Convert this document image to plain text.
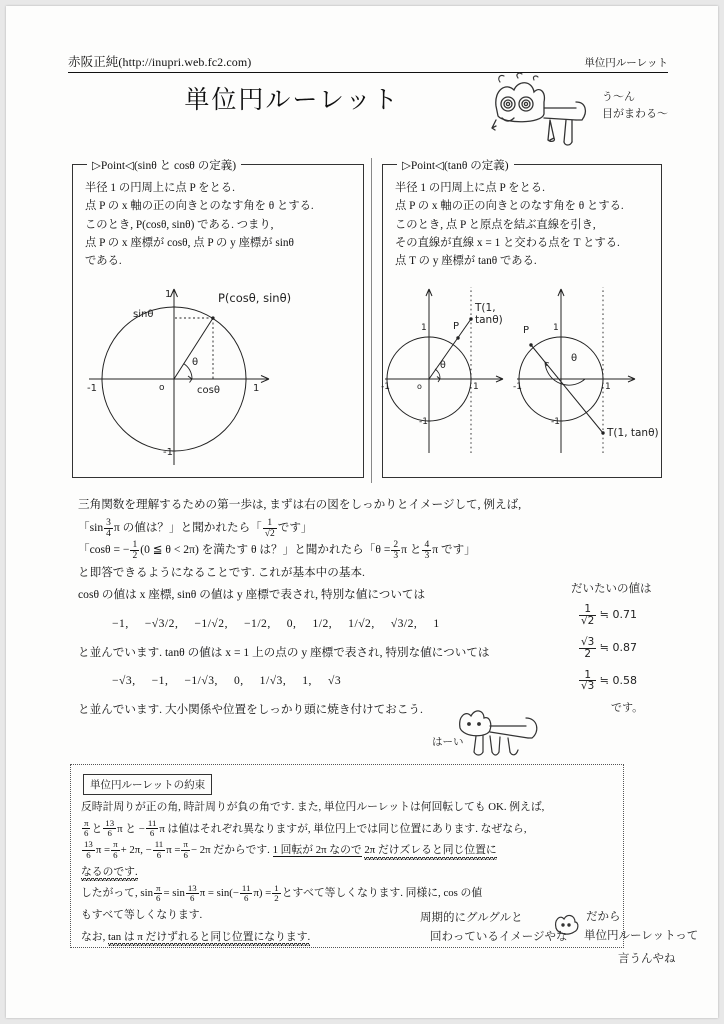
赤阪正純(http://inupri.web.fc2.com)	単位円ルーレット
単位円ルーレット	う～ん
目がまわる～
▷Point◁(sinθ と cosθ の定義)
半径 1 の円周上に点 P をとる.
点 P の x 軸の正の向きとのなす角を θ とする.
このとき, P(cosθ, sinθ) である. つまり,
点 P の x 座標が cosθ, 点 P の y 座標が sinθ
である.
1
-1
-1	1
sinθ
cosθ
P(cosθ, sinθ)
θ
o
▷Point◁(tanθ の定義)
半径 1 の円周上に点 P をとる.
点 P の x 軸の正の向きとのなす角を θ とする.
このとき, 点 P と原点を結ぶ直線を引き,
その直線が直線 x = 1 と交わる点を T とする.
点 T の y 座標が tanθ である.
1
-1
-1	1
T(1, tanθ)
P
θ
o
1
-1
-1	1
P
T(1, tanθ)
θ
三角関数を理解するための第一歩は, まずは右の図をしっかりとイメージして, 例えば,
「$\sin \frac{3}{4}$ π の値は？」と聞かれたら「 $\frac{1}{√2}$ です」
「cosθ = − $\frac{1}{2} (0$ ≦ θ < 2π) を満たす θ は？」と聞かれたら「$\theta = \frac{2}{3}$ π と $\frac{4}{3}$ π です」
と即答できるようになることです. これが基本中の基本.
cosθ の値は x 座標, sinθ の値は y 座標で表され, 特別な値については
−1, −√3/2, −1/√2, −1/2, 0, 1/2, 1/√2, √3/2, 1
と並んでいます. tanθ の値は x = 1 上の点の y 座標で表され, 特別な値については
−√3, −1, −1/√3, 0, 1/√3, 1, √3
と並んでいます. 大小関係や位置をしっかり頭に焼き付けておこう.
はーい
だいたいの値は
$\frac{1}{√2}$ ≒ 0.71
$\frac{√3}{2}$ ≒ 0.87
$\frac{1}{√3}$ ≒ 0.58
です。
単位円ルーレットの約束
反時計周りが正の角, 時計周りが負の角です. また, 単位円ルーレットは何回転しても OK. 例えば,
$\frac{\pi}{6}$ と $\frac{13}{6}$ π と − $\frac{11}{6}$ π は値はそれぞれ異なりますが, 単位円上では同じ位置にあります. なぜなら,
$\frac{13}{6}$ $\pi = \frac{\pi}{6} + 2\pi$, − $\frac{11}{6}$ $\pi = \frac{\pi}{6} - 2\pi$ だからです. 1 回転が 2π なので 2π だけズレると同じ位置に
なるのです.
したがって, $\sin \frac{\pi}{6} = \sin \frac{13}{6}$ $\pi = \sin(- \frac{11}{6} \pi) = \frac{1}{2}$ とすべて等しくなります. 同様に, cos の値
もすべて等しくなります.
なお, tan は π だけずれると同じ位置になります.
周期的にグルグルと
回わっているイメージやな
だから
単位円ルーレットって
言うんやね
